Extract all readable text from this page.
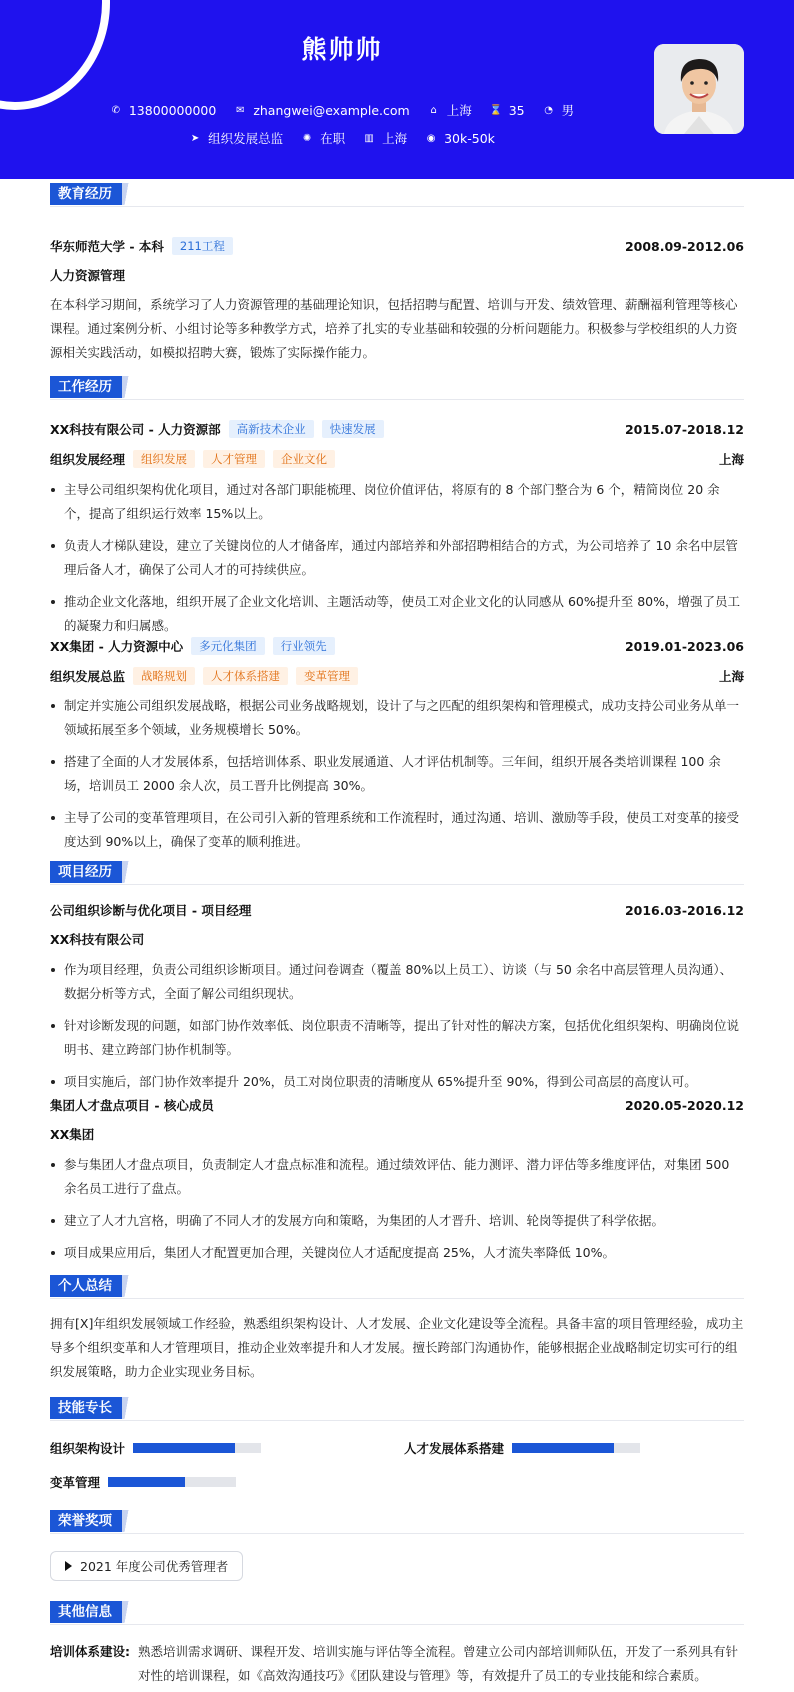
熊帅帅
✆ 13800000000 ✉ zhangwei@example.com ⌂ 上海 ⌛ 35 ◔ 男
➤ 组织发展总监 ✺ 在职 ▥ 上海 ◉ 30k-50k
教育经历
华东师范大学 - 本科	211工程	2008.09-2012.06
人力资源管理
在本科学习期间，系统学习了人力资源管理的基础理论知识，包括招聘与配置、培训与开发、绩效管理、薪酬福利管理等核心课程。通过案例分析、小组讨论等多种教学方式，培养了扎实的专业基础和较强的分析问题能力。积极参与学校组织的人力资源相关实践活动，如模拟招聘大赛，锻炼了实际操作能力。
工作经历
XX科技有限公司 - 人力资源部	高新技术企业	快速发展	2015.07-2018.12
组织发展经理	组织发展	人才管理	企业文化	上海
主导公司组织架构优化项目，通过对各部门职能梳理、岗位价值评估，将原有的 8 个部门整合为 6 个，精简岗位 20 余个，提高了组织运行效率 15%以上。
负责人才梯队建设，建立了关键岗位的人才储备库，通过内部培养和外部招聘相结合的方式，为公司培养了 10 余名中层管理后备人才，确保了公司人才的可持续供应。
推动企业文化落地，组织开展了企业文化培训、主题活动等，使员工对企业文化的认同感从 60%提升至 80%，增强了员工的凝聚力和归属感。
XX集团 - 人力资源中心	多元化集团	行业领先	2019.01-2023.06
组织发展总监	战略规划	人才体系搭建	变革管理	上海
制定并实施公司组织发展战略，根据公司业务战略规划，设计了与之匹配的组织架构和管理模式，成功支持公司业务从单一领域拓展至多个领域，业务规模增长 50%。
搭建了全面的人才发展体系，包括培训体系、职业发展通道、人才评估机制等。三年间，组织开展各类培训课程 100 余场，培训员工 2000 余人次，员工晋升比例提高 30%。
主导了公司的变革管理项目，在公司引入新的管理系统和工作流程时，通过沟通、培训、激励等手段，使员工对变革的接受度达到 90%以上，确保了变革的顺利推进。
项目经历
公司组织诊断与优化项目 - 项目经理	2016.03-2016.12
XX科技有限公司
作为项目经理，负责公司组织诊断项目。通过问卷调查（覆盖 80%以上员工）、访谈（与 50 余名中高层管理人员沟通）、数据分析等方式，全面了解公司组织现状。
针对诊断发现的问题，如部门协作效率低、岗位职责不清晰等，提出了针对性的解决方案，包括优化组织架构、明确岗位说明书、建立跨部门协作机制等。
项目实施后，部门协作效率提升 20%，员工对岗位职责的清晰度从 65%提升至 90%，得到公司高层的高度认可。
集团人才盘点项目 - 核心成员	2020.05-2020.12
XX集团
参与集团人才盘点项目，负责制定人才盘点标准和流程。通过绩效评估、能力测评、潜力评估等多维度评估，对集团 500 余名员工进行了盘点。
建立了人才九宫格，明确了不同人才的发展方向和策略，为集团的人才晋升、培训、轮岗等提供了科学依据。
项目成果应用后，集团人才配置更加合理，关键岗位人才适配度提高 25%，人才流失率降低 10%。
个人总结
拥有[X]年组织发展领域工作经验，熟悉组织架构设计、人才发展、企业文化建设等全流程。具备丰富的项目管理经验，成功主导多个组织变革和人才管理项目，推动企业效率提升和人才发展。擅长跨部门沟通协作，能够根据企业战略制定切实可行的组织发展策略，助力企业实现业务目标。
技能专长
组织架构设计	人才发展体系搭建
变革管理
荣誉奖项
2021 年度公司优秀管理者
其他信息
培训体系建设: 熟悉培训需求调研、课程开发、培训实施与评估等全流程。曾建立公司内部培训师队伍，开发了一系列具有针对性的培训课程，如《高效沟通技巧》《团队建设与管理》等，有效提升了员工的专业技能和综合素质。
